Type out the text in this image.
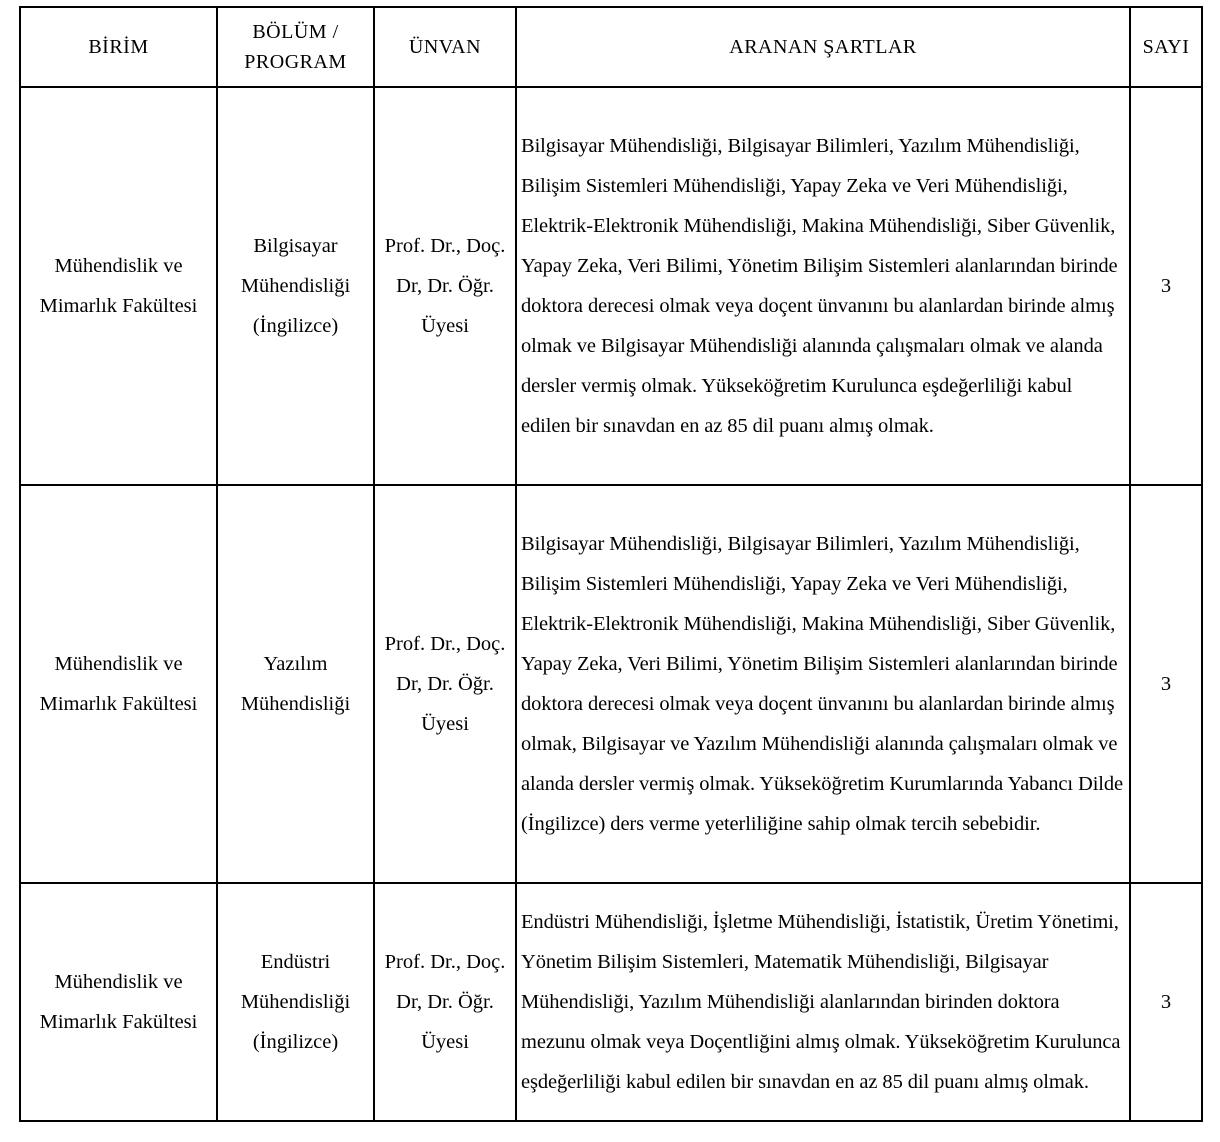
BİRİM	BÖLÜM / PROGRAM	ÜNVAN	ARANAN ŞARTLAR	SAYI
Mühendislik ve Mimarlık Fakültesi	Bilgisayar Mühendisliği (İngilizce)	Prof. Dr., Doç. Dr, Dr. Öğr. Üyesi	Bilgisayar Mühendisliği, Bilgisayar Bilimleri, Yazılım Mühendisliği, Bilişim Sistemleri Mühendisliği, Yapay Zeka ve Veri Mühendisliği, Elektrik-Elektronik Mühendisliği, Makina Mühendisliği, Siber Güvenlik, Yapay Zeka, Veri Bilimi, Yönetim Bilişim Sistemleri alanlarından birinde doktora derecesi olmak veya doçent ünvanını bu alanlardan birinde almış olmak ve Bilgisayar Mühendisliği alanında çalışmaları olmak ve alanda dersler vermiş olmak. Yükseköğretim Kurulunca eşdeğerliliği kabul edilen bir sınavdan en az 85 dil puanı almış olmak.	3
Mühendislik ve Mimarlık Fakültesi	Yazılım Mühendisliği	Prof. Dr., Doç. Dr, Dr. Öğr. Üyesi	Bilgisayar Mühendisliği, Bilgisayar Bilimleri, Yazılım Mühendisliği, Bilişim Sistemleri Mühendisliği, Yapay Zeka ve Veri Mühendisliği, Elektrik-Elektronik Mühendisliği, Makina Mühendisliği, Siber Güvenlik, Yapay Zeka, Veri Bilimi, Yönetim Bilişim Sistemleri alanlarından birinde doktora derecesi olmak veya doçent ünvanını bu alanlardan birinde almış olmak, Bilgisayar ve Yazılım Mühendisliği alanında çalışmaları olmak ve alanda dersler vermiş olmak. Yükseköğretim Kurumlarında Yabancı Dilde (İngilizce) ders verme yeterliliğine sahip olmak tercih sebebidir.	3
Mühendislik ve Mimarlık Fakültesi	Endüstri Mühendisliği (İngilizce)	Prof. Dr., Doç. Dr, Dr. Öğr. Üyesi	Endüstri Mühendisliği, İşletme Mühendisliği, İstatistik, Üretim Yönetimi, Yönetim Bilişim Sistemleri, Matematik Mühendisliği, Bilgisayar Mühendisliği, Yazılım Mühendisliği alanlarından birinden doktora mezunu olmak veya Doçentliğini almış olmak. Yükseköğretim Kurulunca eşdeğerliliği kabul edilen bir sınavdan en az 85 dil puanı almış olmak.	3
